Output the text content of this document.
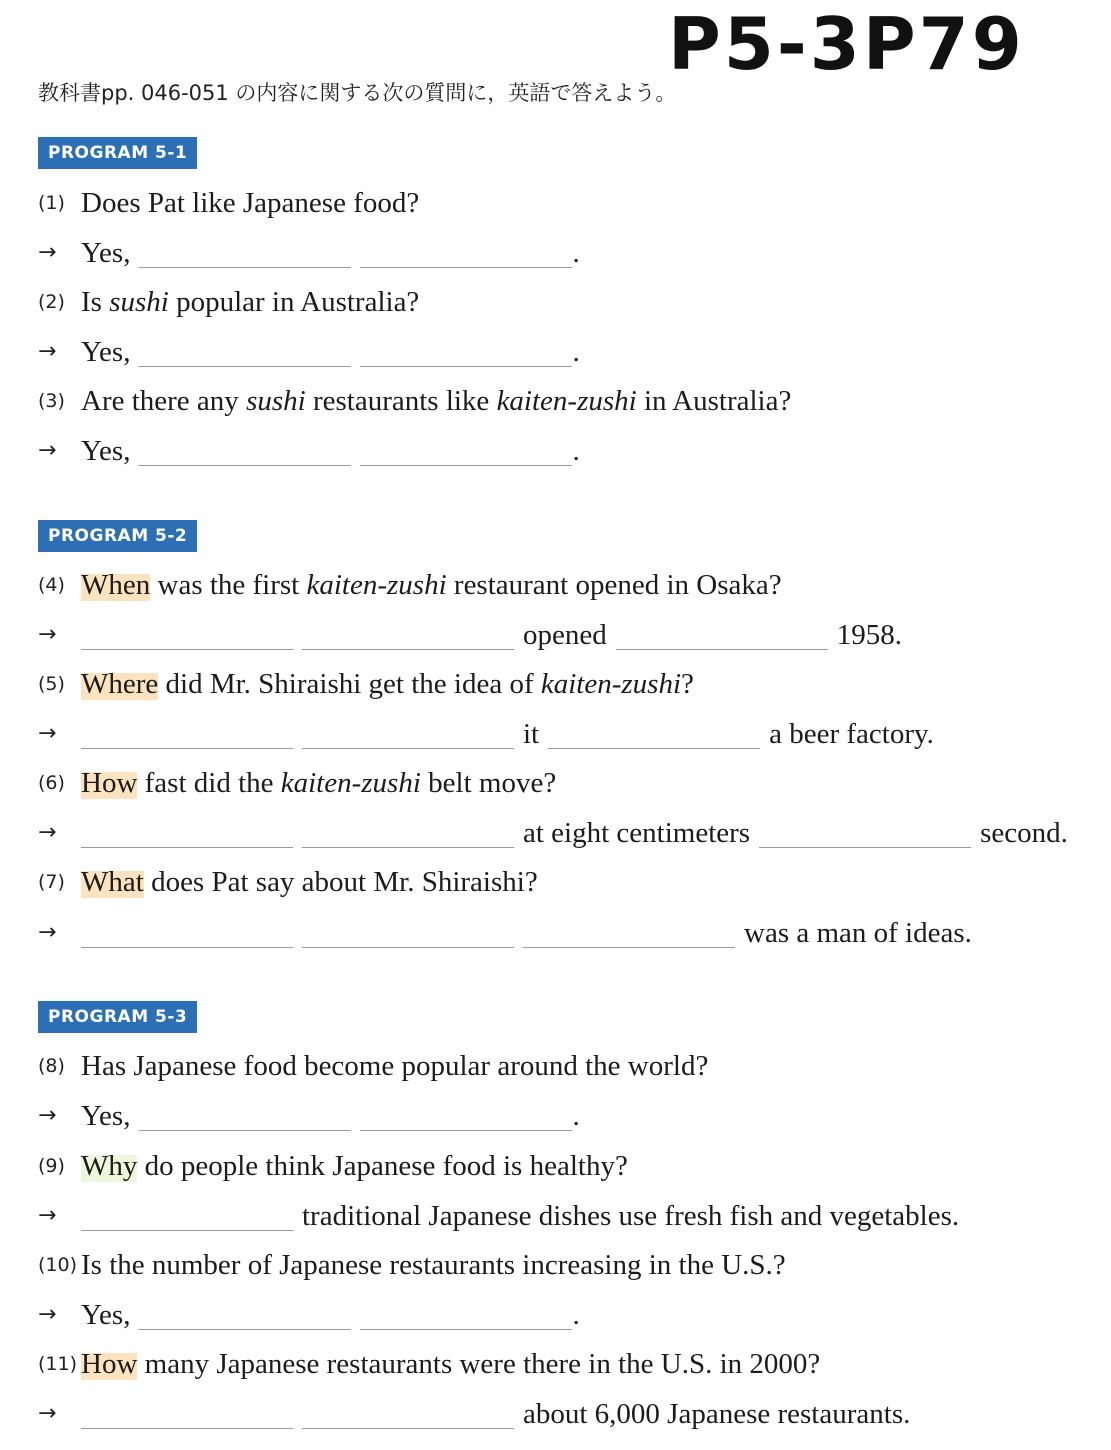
P5-3P79
教科書pp. 046-051 の内容に関する次の質問に，英語で答えよう。
PROGRAM 5-1
(1) Does Pat like Japanese food?
→ Yes,	.
(2) Is sushi popular in Australia?
→ Yes,	.
(3) Are there any sushi restaurants like kaiten-zushi in Australia?
→ Yes,	.
PROGRAM 5-2
(4) When was the first kaiten-zushi restaurant opened in Osaka?
→	opened	1958.
(5) Where did Mr. Shiraishi get the idea of kaiten-zushi?
→	it	a beer factory.
(6) How fast did the kaiten-zushi belt move?
→	at eight centimeters	second.
(7) What does Pat say about Mr. Shiraishi?
→	was a man of ideas.
PROGRAM 5-3
(8) Has Japanese food become popular around the world?
→ Yes,	.
(9) Why do people think Japanese food is healthy?
→	traditional Japanese dishes use fresh fish and vegetables.
(10) Is the number of Japanese restaurants increasing in the U.S.?
→ Yes,	.
(11) How many Japanese restaurants were there in the U.S. in 2000?
→	about 6,000 Japanese restaurants.
